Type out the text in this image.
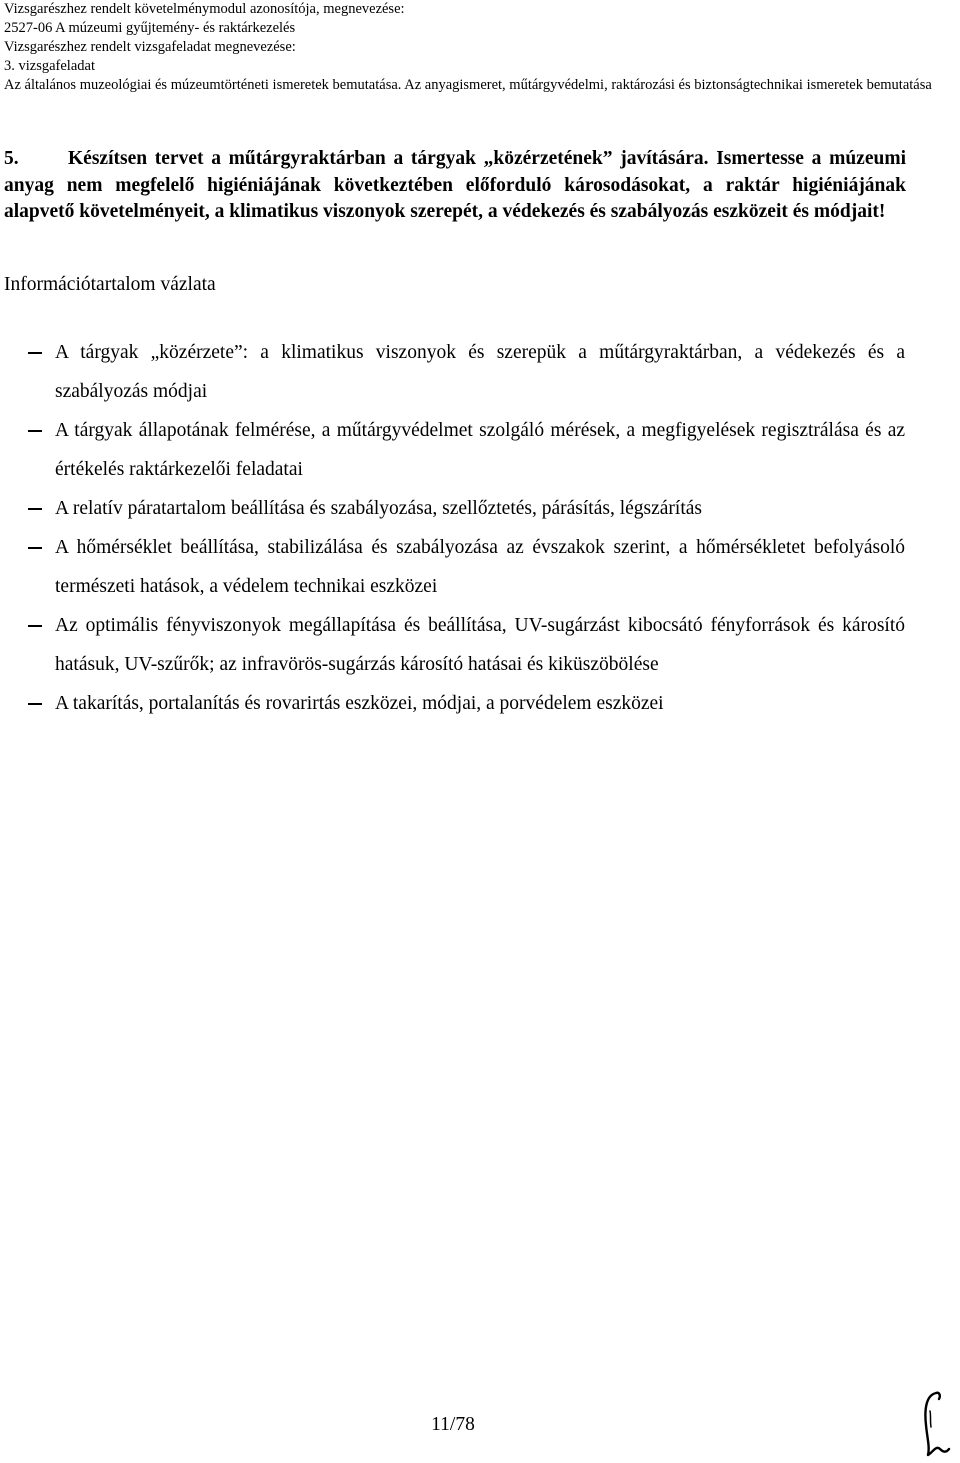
Vizsgarészhez rendelt követelménymodul azonosítója, megnevezése:
2527-06 A múzeumi gyűjtemény- és raktárkezelés
Vizsgarészhez rendelt vizsgafeladat megnevezése:
3. vizsgafeladat
Az általános muzeológiai és múzeumtörténeti ismeretek bemutatása. Az anyagismeret, műtárgyvédelmi, raktározási és biztonságtechnikai ismeretek bemutatása
5.	Készítsen tervet a műtárgyraktárban a tárgyak „közérzetének” javítására. Ismertesse a múzeumi anyag nem megfelelő higiéniájának következtében előforduló károsodásokat, a raktár higiéniájának alapvető követelményeit, a klimatikus viszonyok szerepét, a védekezés és szabályozás eszközeit és módjait!
Információtartalom vázlata
A tárgyak „közérzete”: a klimatikus viszonyok és szerepük a műtárgyraktárban, a védekezés és a szabályozás módjai
A tárgyak állapotának felmérése, a műtárgyvédelmet szolgáló mérések, a megfigyelések regisztrálása és az értékelés raktárkezelői feladatai
A relatív páratartalom beállítása és szabályozása, szellőztetés, párásítás, légszárítás
A hőmérséklet beállítása, stabilizálása és szabályozása az évszakok szerint, a hőmérsékletet befolyásoló természeti hatások, a védelem technikai eszközei
Az optimális fényviszonyok megállapítása és beállítása, UV-sugárzást kibocsátó fényforrások és károsító hatásuk, UV-szűrők; az infravörös-sugárzás károsító hatásai és kiküszöbölése
A takarítás, portalanítás és rovarirtás eszközei, módjai, a porvédelem eszközei
11/78
